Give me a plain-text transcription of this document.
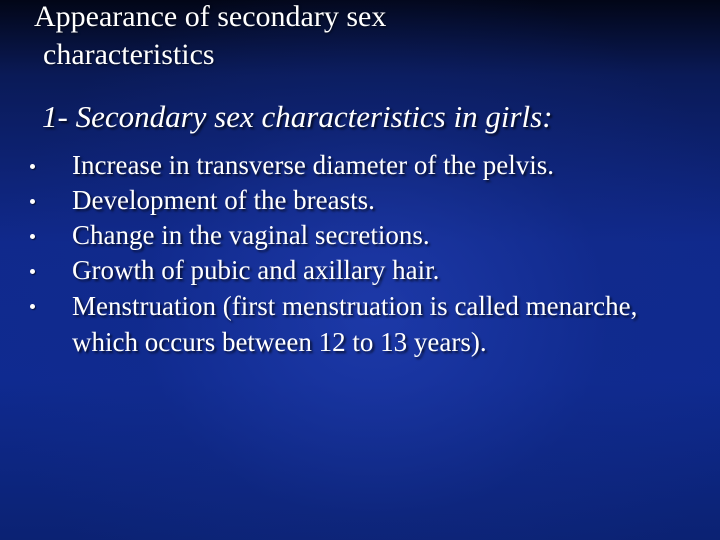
Appearance of secondary sex
characteristics
1- Secondary sex characteristics in girls:
Increase in transverse diameter of the pelvis.
Development of the breasts.
Change in the vaginal secretions.
Growth of pubic and axillary hair.
Menstruation (first menstruation is called menarche, which occurs between 12 to 13 years).
